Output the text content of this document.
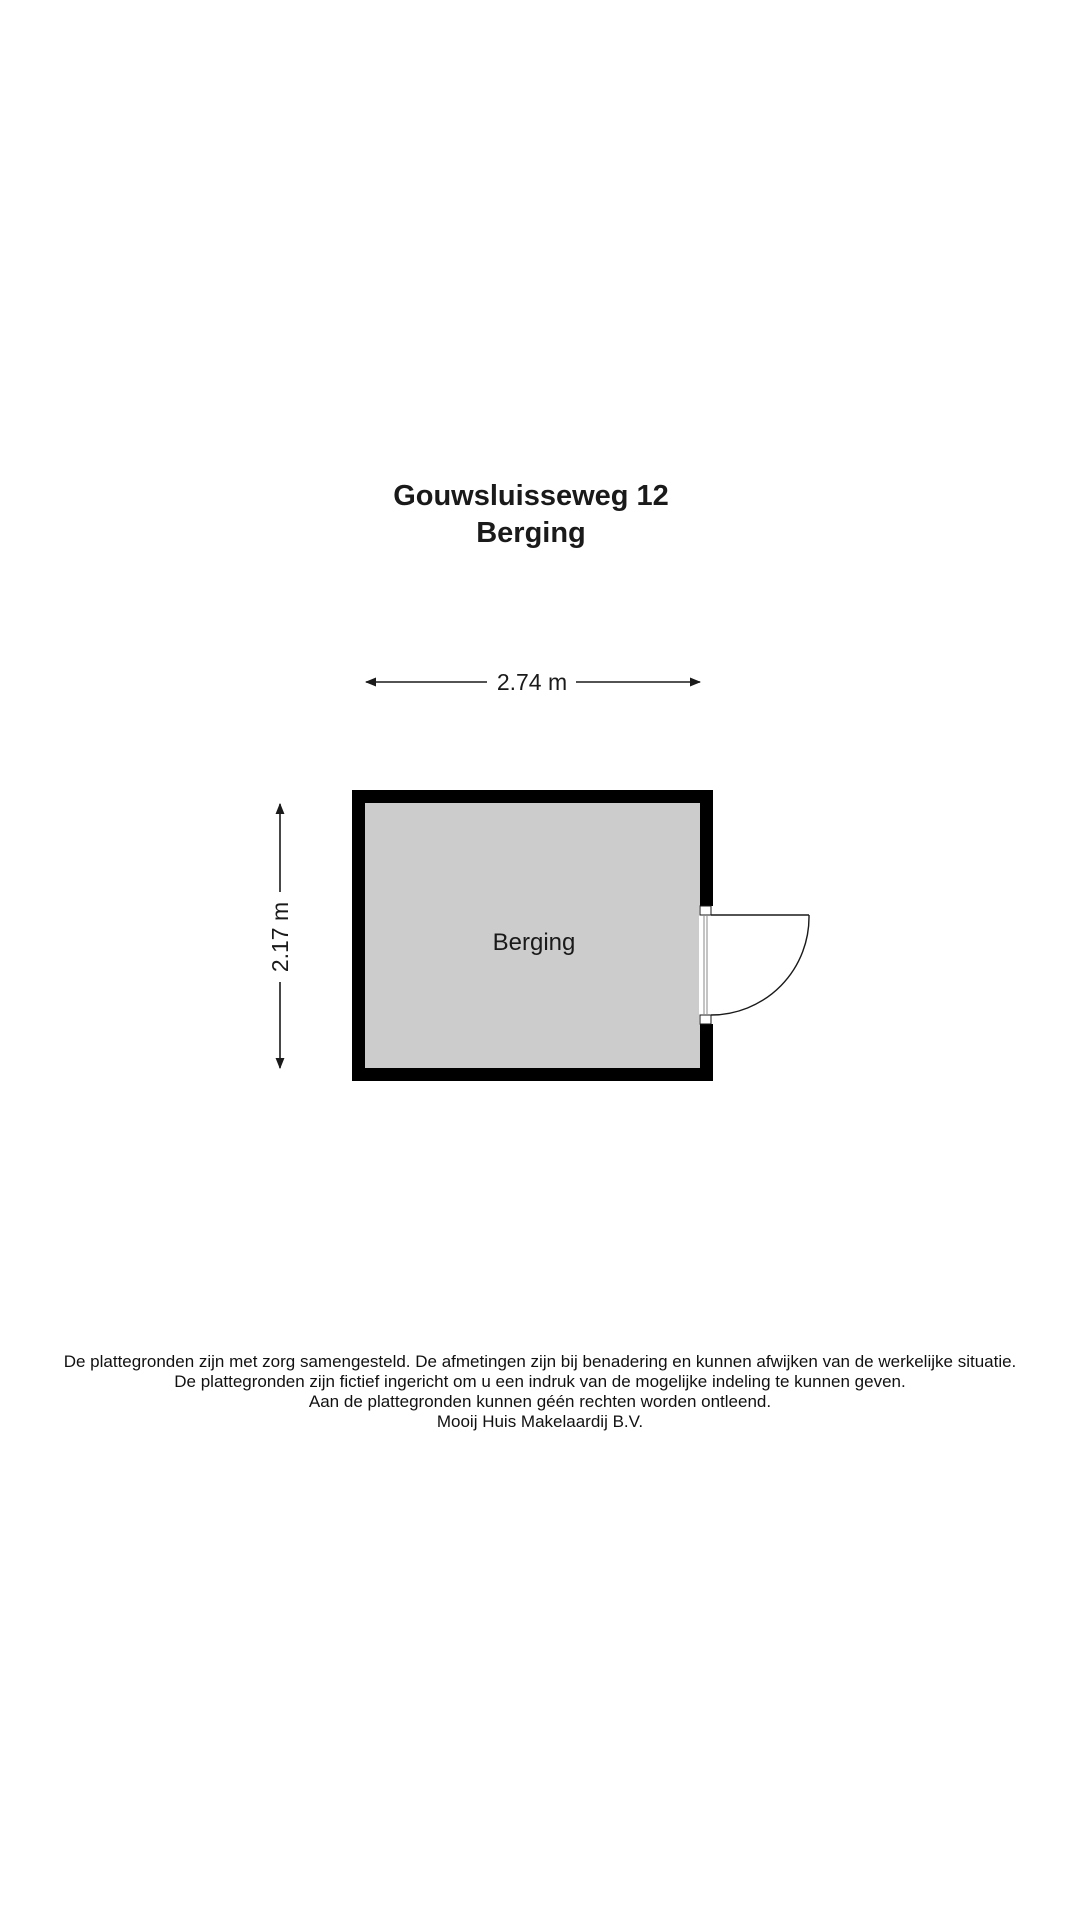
Gouwsluisseweg 12
Berging
2.74 m
2.17 m	Berging
De plattegronden zijn met zorg samengesteld. De afmetingen zijn bij benadering en kunnen afwijken van de werkelijke situatie.
De plattegronden zijn fictief ingericht om u een indruk van de mogelijke indeling te kunnen geven.
Aan de plattegronden kunnen géén rechten worden ontleend.
Mooij Huis Makelaardij B.V.
